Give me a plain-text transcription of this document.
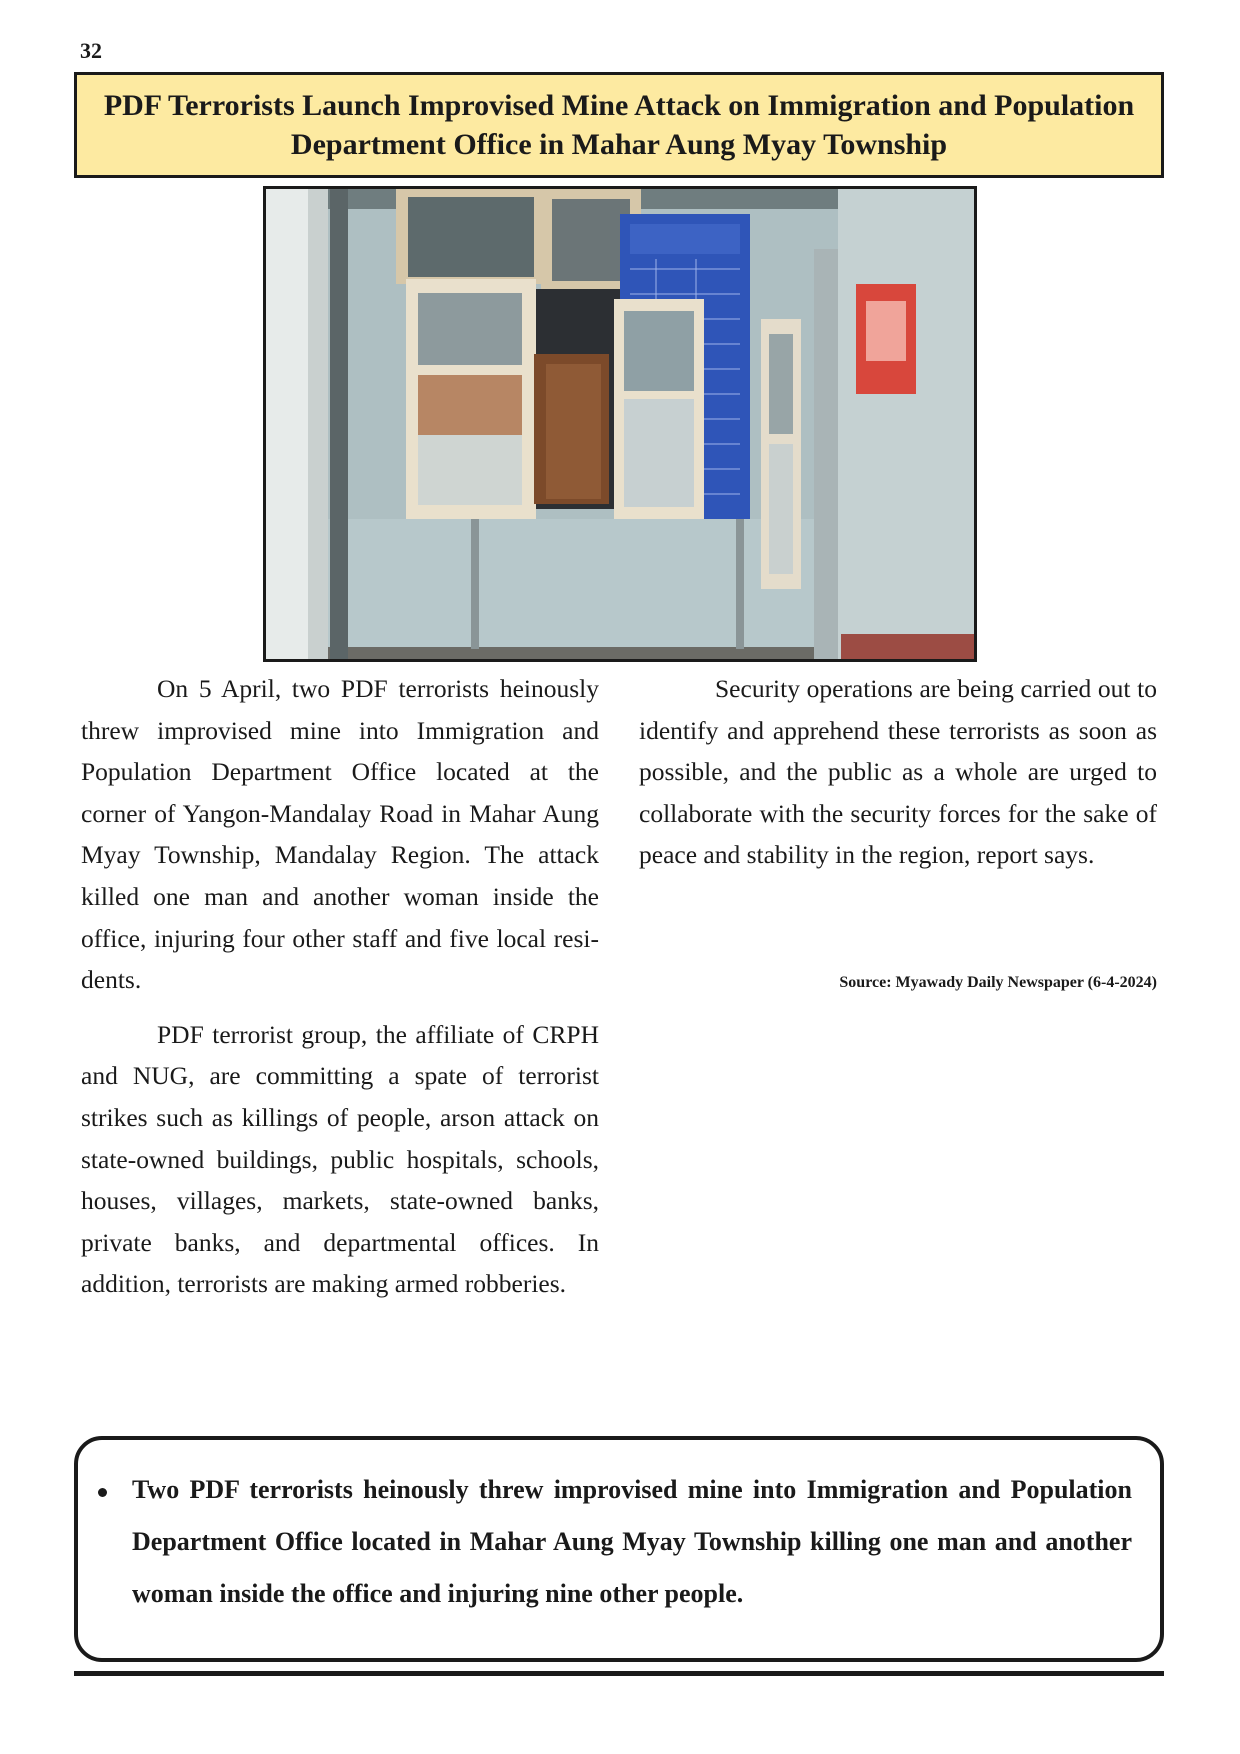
32
PDF Terrorists Launch Improvised Mine Attack on Immigration and Population
Department Office in Mahar Aung Myay Township

On 5 April, two PDF terrorists heinously threw improvised mine into Immigration and Population Department Office located at the corner of Yangon-Mandalay Road in Mahar Aung Myay Township, Mandalay Region. The attack killed one man and another woman inside the office, injuring four other staff and five local residents.

PDF terrorist group, the affiliate of CRPH and NUG, are committing a spate of terrorist strikes such as killings of people, arson attack on state-owned buildings, public hospitals, schools, houses, villages, markets, state-owned banks, private banks, and departmental offices. In addition, terrorists are making armed robberies.

Security operations are being carried out to identify and apprehend these terrorists as soon as possible, and the public as a whole are urged to collaborate with the security forces for the sake of peace and stability in the region, report says.

Source: Myawady Daily Newspaper (6-4-2024)
Two PDF terrorists heinously threw improvised mine into Immigration and Population Department Office located in Mahar Aung Myay Township killing one man and another woman inside the office and injuring nine other people.
